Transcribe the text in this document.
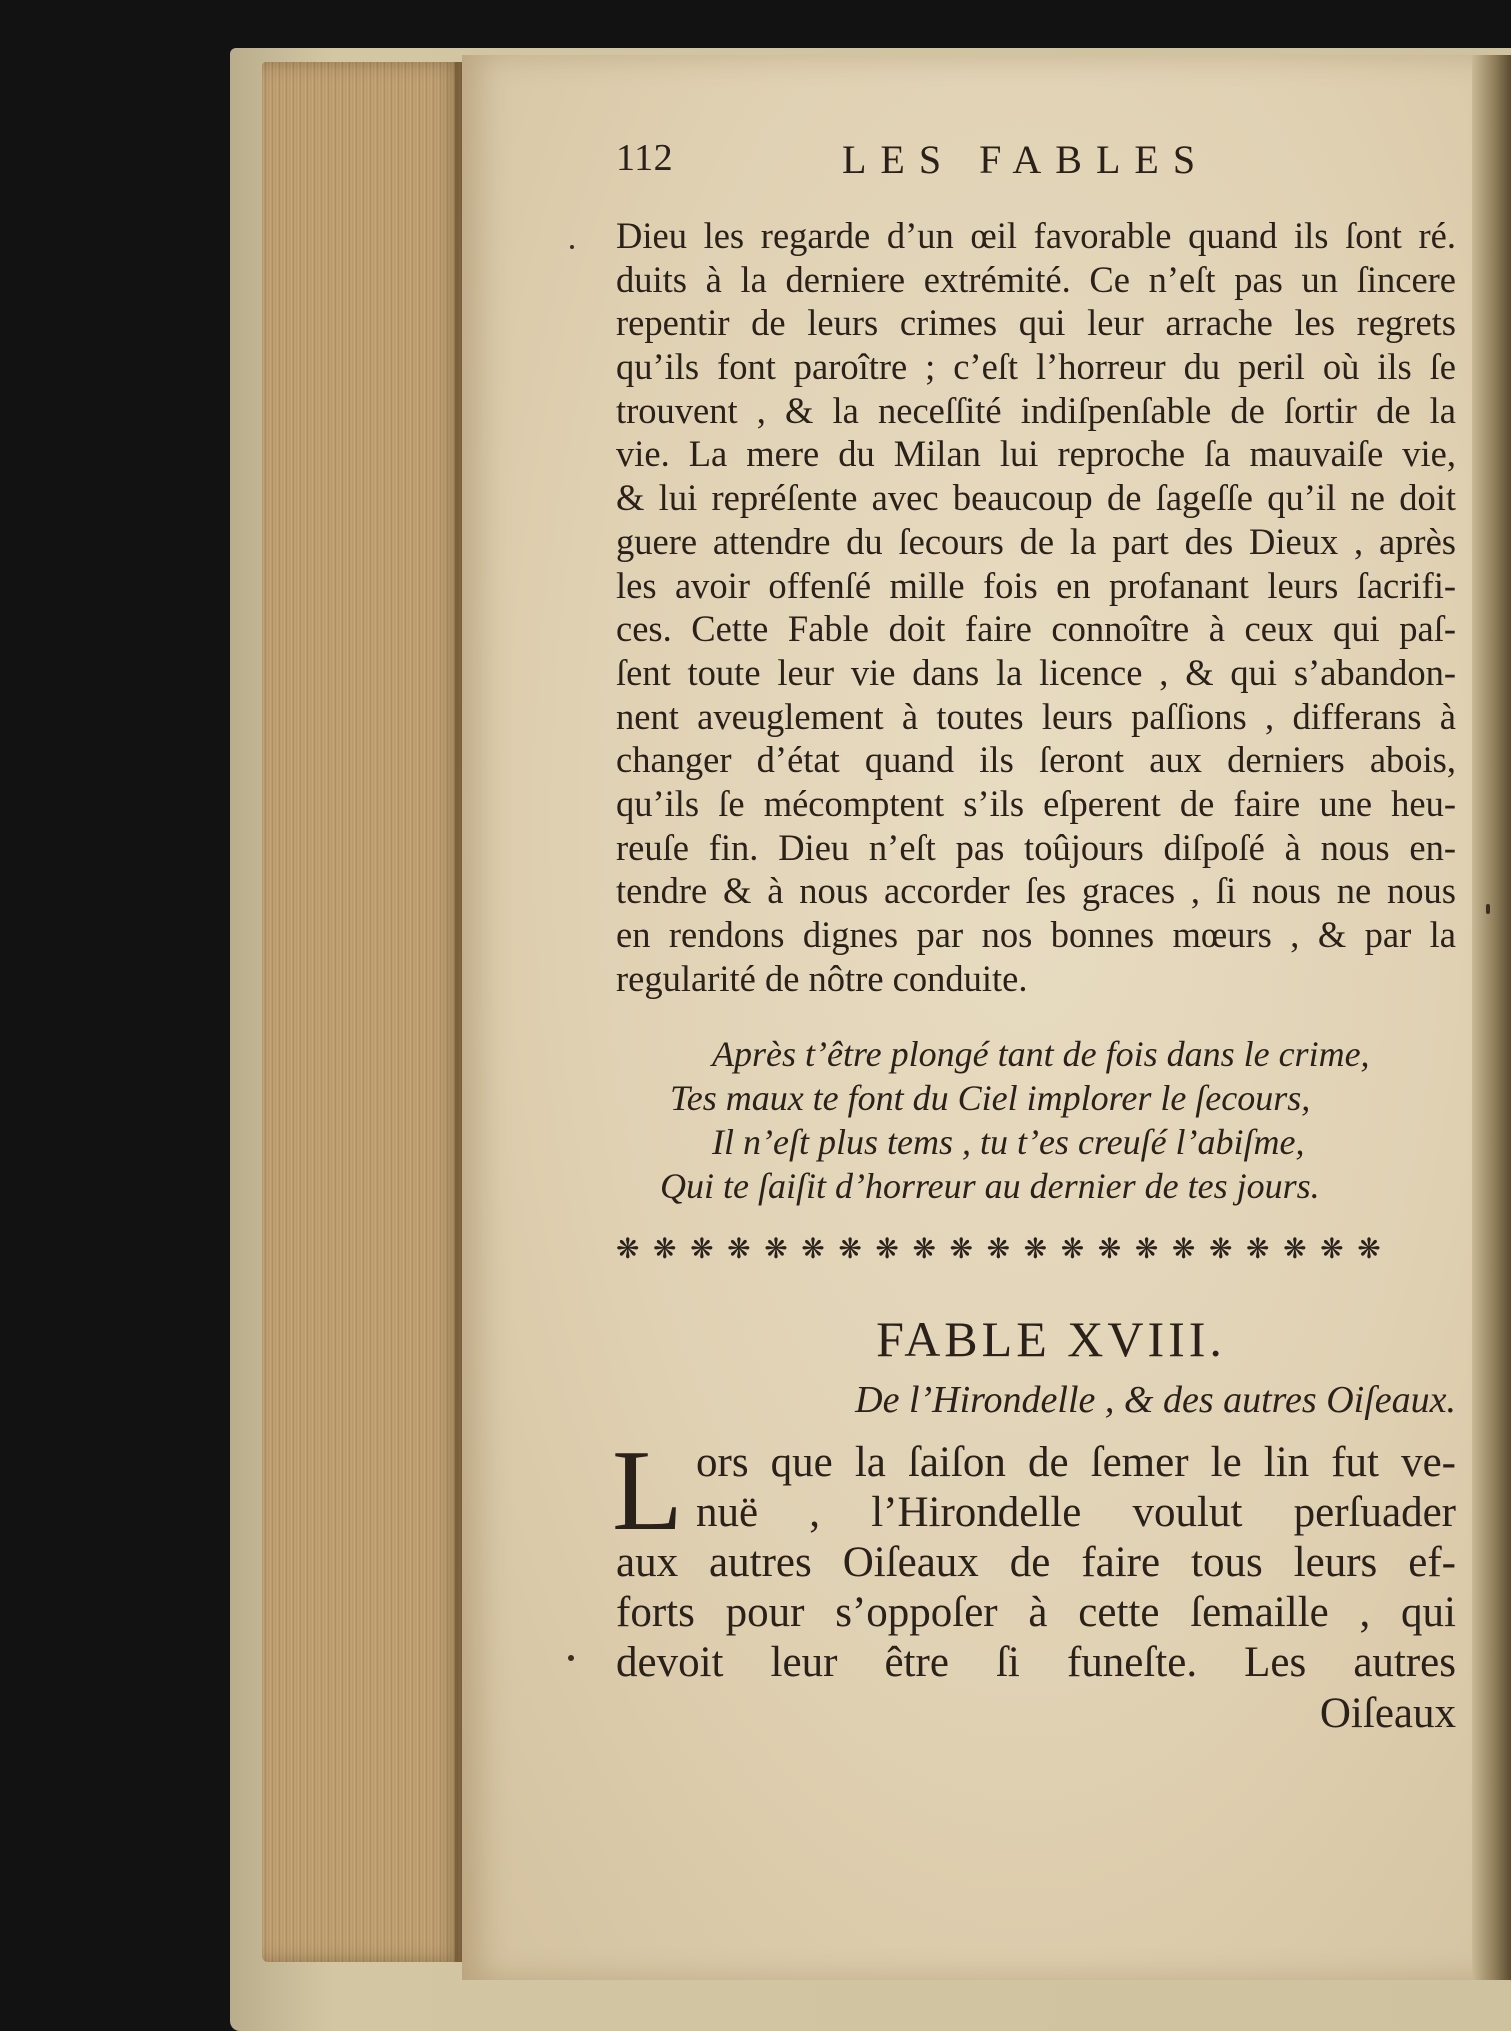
112	LES FABLES
Dieu les regarde d’un œil favorable quand ils ſont ré.
duits à la derniere extrémité. Ce n’eſt pas un ſincere
repentir de leurs crimes qui leur arrache les regrets
qu’ils font paroître ; c’eſt l’horreur du peril où ils ſe
trouvent , & la neceſſité indiſpenſable de ſortir de la
vie. La mere du Milan lui reproche ſa mauvaiſe vie,
& lui repréſente avec beaucoup de ſageſſe qu’il ne doit
guere attendre du ſecours de la part des Dieux , après
les avoir offenſé mille fois en profanant leurs ſacrifi-
ces. Cette Fable doit faire connoître à ceux qui paſ-
ſent toute leur vie dans la licence , & qui s’abandon-
nent aveuglement à toutes leurs paſſions , differans à
changer d’état quand ils ſeront aux derniers abois,
qu’ils ſe mécomptent s’ils eſperent de faire une heu-
reuſe fin. Dieu n’eſt pas toûjours diſpoſé à nous en-
tendre & à nous accorder ſes graces , ſi nous ne nous
en rendons dignes par nos bonnes mœurs , & par la
regularité de nôtre conduite.
Après t’être plongé tant de fois dans le crime,
Tes maux te font du Ciel implorer le ſecours,
Il n’eſt plus tems , tu t’es creuſé l’abiſme,
Qui te ſaiſit d’horreur au dernier de tes jours.
❋❋❋❋❋❋❋❋❋❋❋❋❋❋❋❋❋❋❋❋❋
FABLE XVIII.
De l’Hirondelle , & des autres Oiſeaux.
L ors que la ſaiſon de ſemer le lin fut ve-
nuë , l’Hirondelle voulut perſuader
aux autres Oiſeaux de faire tous leurs ef-
forts pour s’oppoſer à cette ſemaille , qui
devoit leur être ſi funeſte. Les autres
Oiſeaux
